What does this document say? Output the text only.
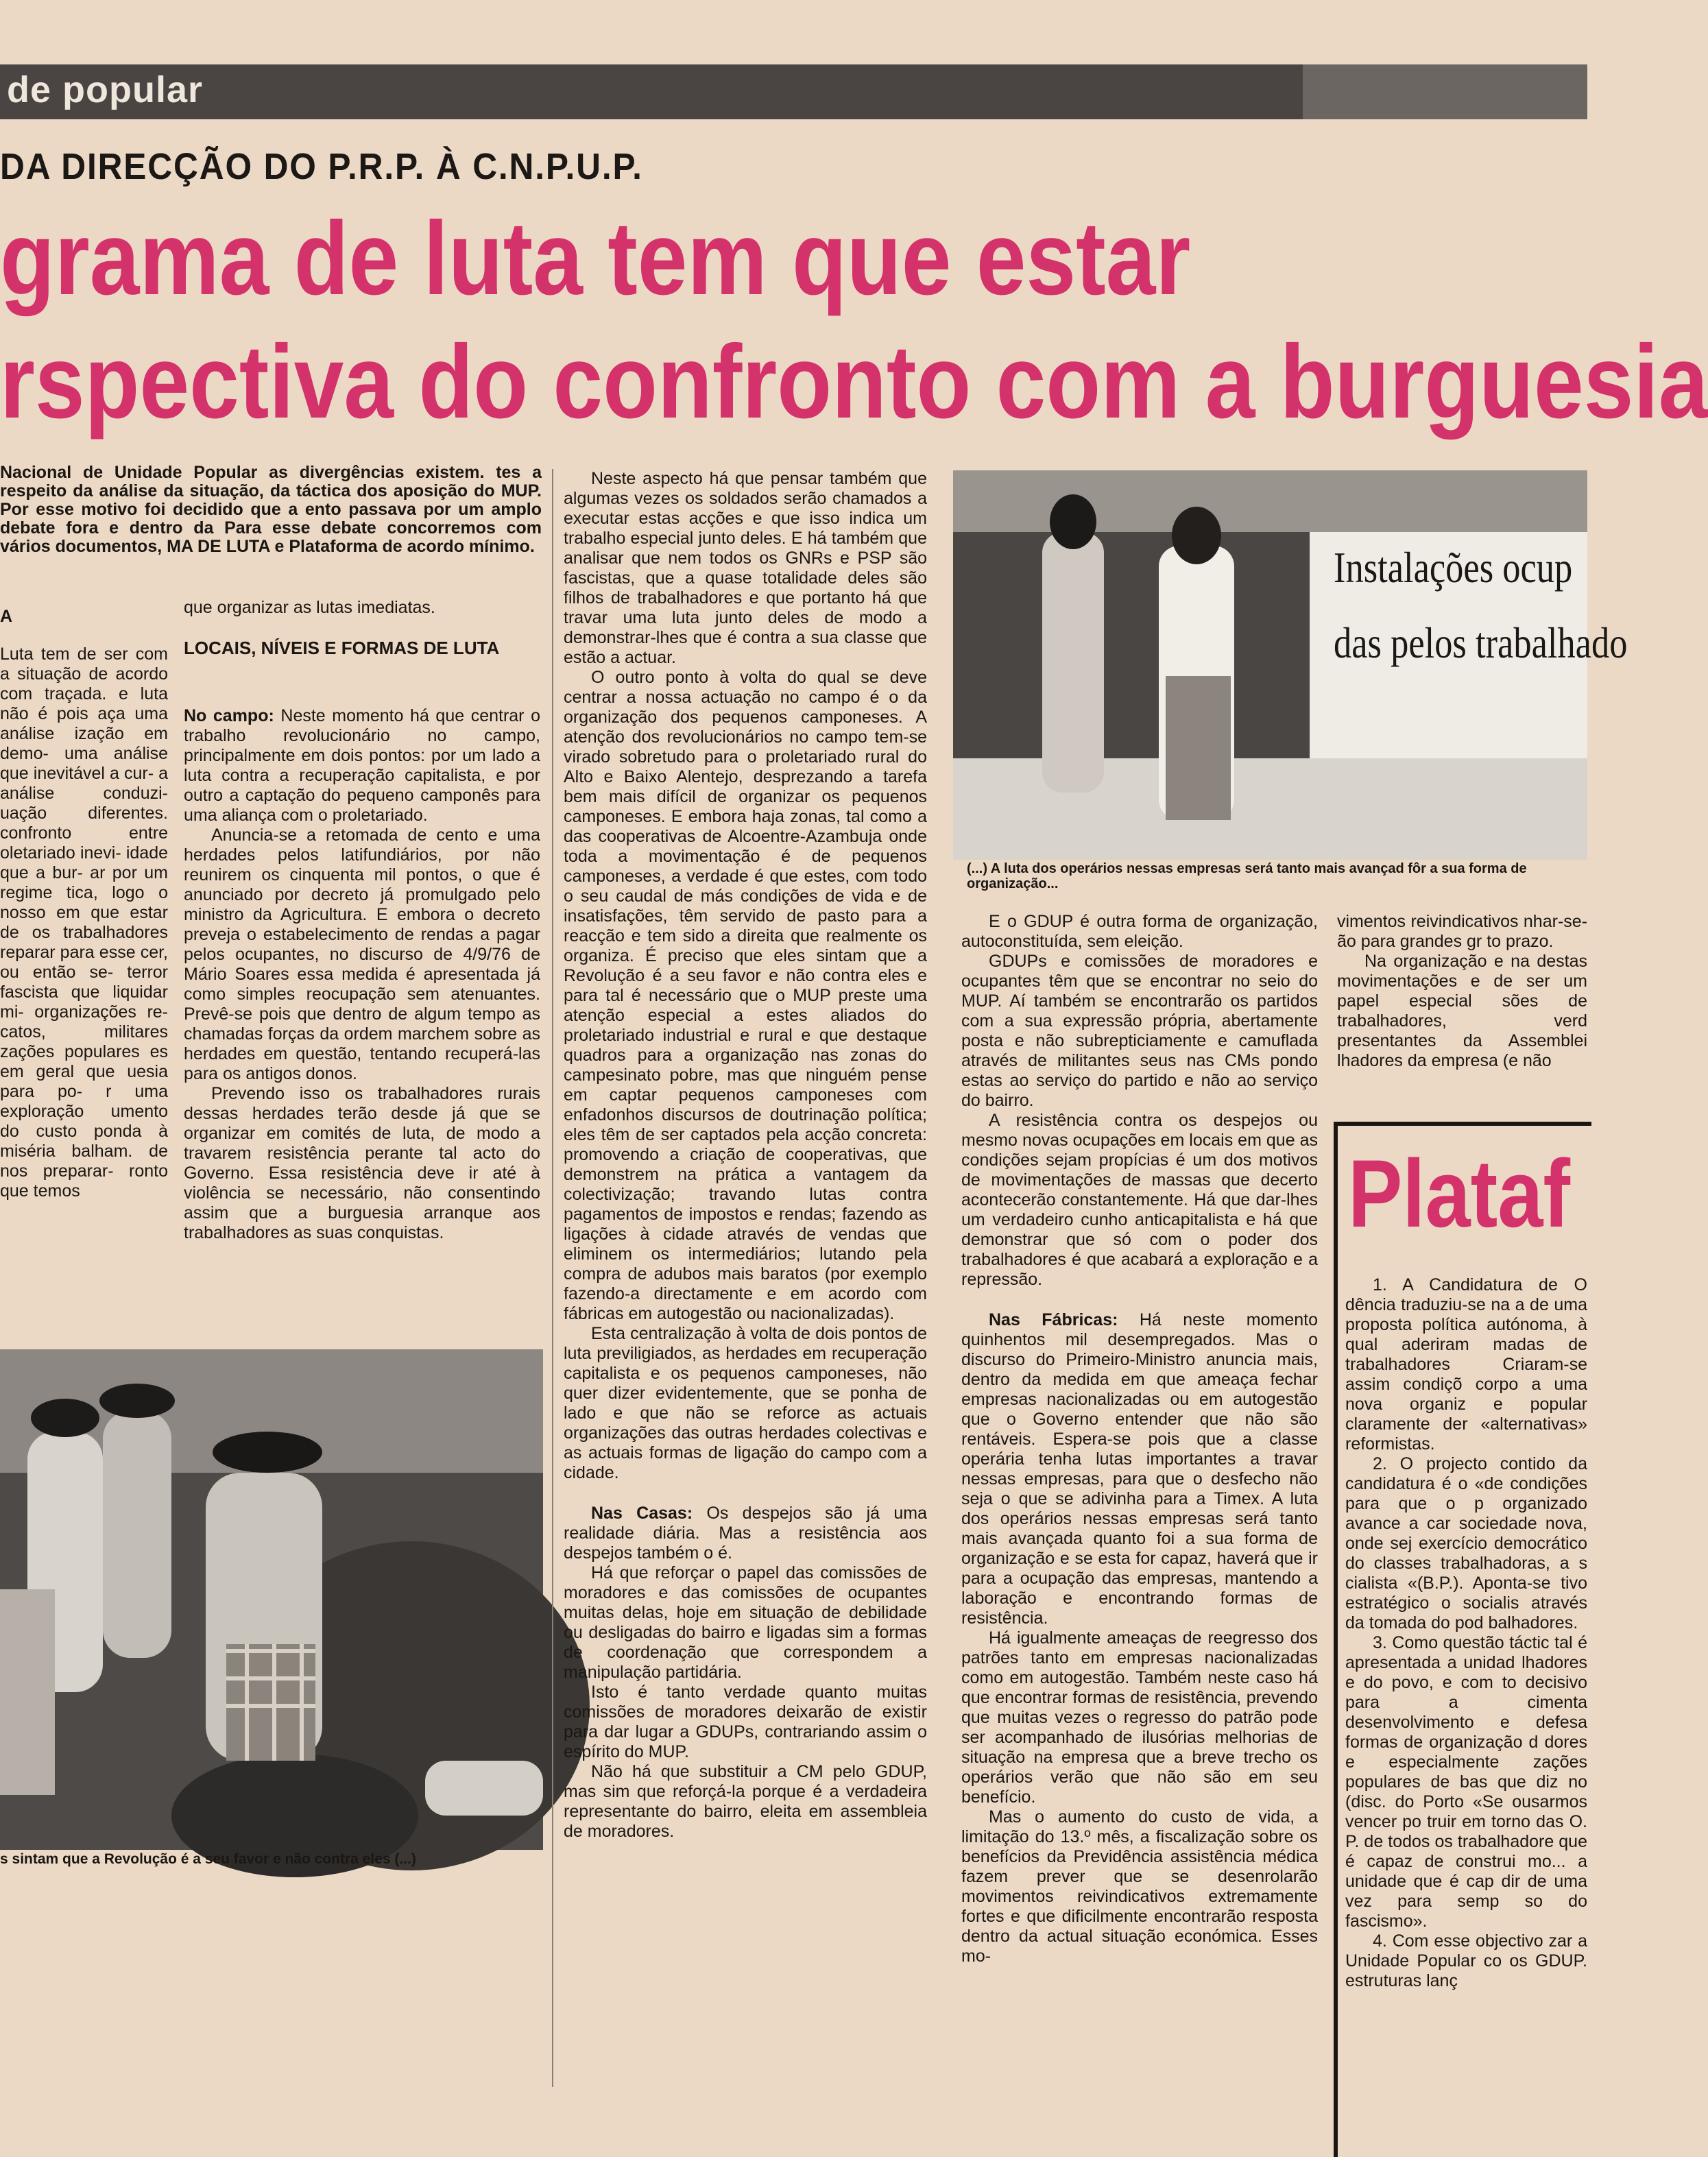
de popular
DA DIRECÇÃO DO P.R.P. À C.N.P.U.P.
grama de luta tem que estar
rspectiva do confronto com a burguesia
Nacional de Unidade Popular as divergências existem. tes a respeito da análise da situação, da táctica dos aposição do MUP. Por esse motivo foi decidido que a ento passava por um amplo debate fora e dentro da Para esse debate concorremos com vários documentos, MA DE LUTA e Plataforma de acordo mínimo.
A
Luta tem de ser com a situação de acordo com traçada. e luta não é pois aça uma análise ização em demo- uma análise que inevitável a cur- a análise conduzi- uação diferentes. confronto entre oletariado inevi- idade que a bur- ar por um regime tica, logo o nosso em que estar de os trabalhadores reparar para esse cer, ou então se- terror fascista que liquidar mi- organizações re- catos, militares zações populares es em geral que uesia para po- r uma exploração umento do custo ponda à miséria balham. de nos preparar- ronto que temos
que organizar as lutas imediatas.
LOCAIS, NÍVEIS E FORMAS DE LUTA

No campo: Neste momento há que centrar o trabalho revolucionário no campo, principalmente em dois pontos: por um lado a luta contra a recuperação capitalista, e por outro a captação do pequeno camponês para uma aliança com o proletariado.

Anuncia-se a retomada de cento e uma herdades pelos latifundiários, por não reunirem os cinquenta mil pontos, o que é anunciado por decreto já promulgado pelo ministro da Agricultura. E embora o decreto preveja o estabelecimento de rendas a pagar pelos ocupantes, no discurso de 4/9/76 de Mário Soares essa medida é apresentada já como simples reocupação sem atenuantes. Prevê-se pois que dentro de algum tempo as chamadas forças da ordem marchem sobre as herdades em questão, tentando recuperá-las para os antigos donos.

Prevendo isso os trabalhadores rurais dessas herdades terão desde já que se organizar em comités de luta, de modo a travarem resistência perante tal acto do Governo. Essa resistência deve ir até à violência se necessário, não consentindo assim que a burguesia arranque aos trabalhadores as suas conquistas.

s sintam que a Revolução é a seu favor e não contra eles (...)

Neste aspecto há que pensar também que algumas vezes os soldados serão chamados a executar estas acções e que isso indica um trabalho especial junto deles. E há também que analisar que nem todos os GNRs e PSP são fascistas, que a quase totalidade deles são filhos de trabalhadores e que portanto há que travar uma luta junto deles de modo a demonstrar-lhes que é contra a sua classe que estão a actuar.

O outro ponto à volta do qual se deve centrar a nossa actuação no campo é o da organização dos pequenos camponeses. A atenção dos revolucionários no campo tem-se virado sobretudo para o proletariado rural do Alto e Baixo Alentejo, desprezando a tarefa bem mais difícil de organizar os pequenos camponeses. E embora haja zonas, tal como a das cooperativas de Alcoentre-Azambuja onde toda a movimentação é de pequenos camponeses, a verdade é que estes, com todo o seu caudal de más condições de vida e de insatisfações, têm servido de pasto para a reacção e tem sido a direita que realmente os organiza. É preciso que eles sintam que a Revolução é a seu favor e não contra eles e para tal é necessário que o MUP preste uma atenção especial a estes aliados do proletariado industrial e rural e que destaque quadros para a organização nas zonas do campesinato pobre, mas que ninguém pense em captar pequenos camponeses com enfadonhos discursos de doutrinação política; eles têm de ser captados pela acção concreta: promovendo a criação de cooperativas, que demonstrem na prática a vantagem da colectivização; travando lutas contra pagamentos de impostos e rendas; fazendo as ligações à cidade através de vendas que eliminem os intermediários; lutando pela compra de adubos mais baratos (por exemplo fazendo-a directamente e em acordo com fábricas em autogestão ou nacionalizadas).

Esta centralização à volta de dois pontos de luta previligiados, as herdades em recuperação capitalista e os pequenos camponeses, não quer dizer evidentemente, que se ponha de lado e que não se reforce as actuais organizações das outras herdades colectivas e as actuais formas de ligação do campo com a cidade.

Nas Casas: Os despejos são já uma realidade diária. Mas a resistência aos despejos também o é.

Há que reforçar o papel das comissões de moradores e das comissões de ocupantes muitas delas, hoje em situação de debilidade ou desligadas do bairro e ligadas sim a formas de coordenação que correspondem a manipulação partidária.

Isto é tanto verdade quanto muitas comissões de moradores deixarão de existir para dar lugar a GDUPs, contrariando assim o espírito do MUP.

Não há que substituir a CM pelo GDUP, mas sim que reforçá-la porque é a verdadeira representante do bairro, eleita em assembleia de moradores.

Instalações ocup
das pelos trabalhado
(...) A luta dos operários nessas empresas será tanto mais avançad fôr a sua forma de organização...

E o GDUP é outra forma de organização, autoconstituída, sem eleição.

GDUPs e comissões de moradores e ocupantes têm que se encontrar no seio do MUP. Aí também se encontrarão os partidos com a sua expressão própria, abertamente posta e não subrepticiamente e camuflada através de militantes seus nas CMs pondo estas ao serviço do partido e não ao serviço do bairro.

A resistência contra os despejos ou mesmo novas ocupações em locais em que as condições sejam propícias é um dos motivos de movimentações de massas que decerto acontecerão constantemente. Há que dar-lhes um verdadeiro cunho anticapitalista e há que demonstrar que só com o poder dos trabalhadores é que acabará a exploração e a repressão.

Nas Fábricas: Há neste momento quinhentos mil desempregados. Mas o discurso do Primeiro-Ministro anuncia mais, dentro da medida em que ameaça fechar empresas nacionalizadas ou em autogestão que o Governo entender que não são rentáveis. Espera-se pois que a classe operária tenha lutas importantes a travar nessas empresas, para que o desfecho não seja o que se adivinha para a Timex. A luta dos operários nessas empresas será tanto mais avançada quanto foi a sua forma de organização e se esta for capaz, haverá que ir para a ocupação das empresas, mantendo a laboração e encontrando formas de resistência.

Há igualmente ameaças de reegresso dos patrões tanto em empresas nacionalizadas como em autogestão. Também neste caso há que encontrar formas de resistência, prevendo que muitas vezes o regresso do patrão pode ser acompanhado de ilusórias melhorias de situação na empresa que a breve trecho os operários verão que não são em seu benefício.

Mas o aumento do custo de vida, a limitação do 13.º mês, a fiscalização sobre os benefícios da Previdência assistência médica fazem prever que se desenrolarão movimentos reivindicativos extremamente fortes e que dificilmente encontrarão resposta dentro da actual situação económica. Esses mo-

vimentos reivindicativos nhar-se-ão para grandes gr to prazo.

Na organização e na destas movimentações e de ser um papel especial sões de trabalhadores, verd presentantes da Assemblei lhadores da empresa (e não

Plataf

1. A Candidatura de O dência traduziu-se na a de uma proposta política autónoma, à qual aderiram madas de trabalhadores Criaram-se assim condiçõ corpo a uma nova organiz e popular claramente der «alternativas» reformistas.

2. O projecto contido da candidatura é o «de condições para que o p organizado avance a car sociedade nova, onde sej exercício democrático do classes trabalhadoras, a s cialista «(B.P.). Aponta-se tivo estratégico o socialis através da tomada do pod balhadores.

3. Como questão táctic tal é apresentada a unidad lhadores e do povo, e com to decisivo para a cimenta desenvolvimento e defesa formas de organização d dores e especialmente zações populares de bas que diz no (disc. do Porto «Se ousarmos vencer po truir em torno das O. P. de todos os trabalhadore que é capaz de construi mo... a unidade que é cap dir de uma vez para semp so do fascismo».

4. Com esse objectivo zar a Unidade Popular co os GDUP. estruturas lanç
